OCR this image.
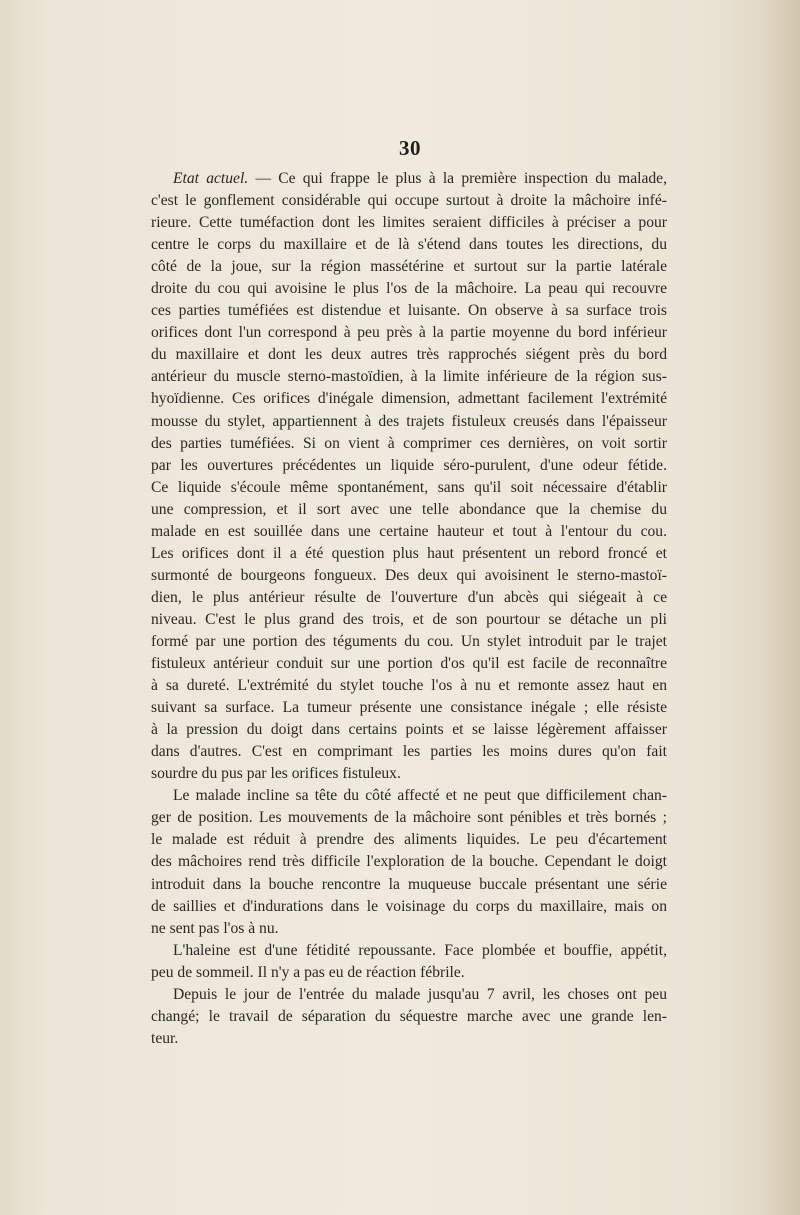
30
Etat actuel. — Ce qui frappe le plus à la première inspection du malade,
c'est le gonflement considérable qui occupe surtout à droite la mâchoire infé-
rieure. Cette tuméfaction dont les limites seraient difficiles à préciser a pour
centre le corps du maxillaire et de là s'étend dans toutes les directions, du
côté de la joue, sur la région massétérine et surtout sur la partie latérale
droite du cou qui avoisine le plus l'os de la mâchoire. La peau qui recouvre
ces parties tuméfiées est distendue et luisante. On observe à sa surface trois
orifices dont l'un correspond à peu près à la partie moyenne du bord inférieur
du maxillaire et dont les deux autres très rapprochés siégent près du bord
antérieur du muscle sterno-mastoïdien, à la limite inférieure de la région sus-
hyoïdienne. Ces orifices d'inégale dimension, admettant facilement l'extrémité
mousse du stylet, appartiennent à des trajets fistuleux creusés dans l'épaisseur
des parties tuméfiées. Si on vient à comprimer ces dernières, on voit sortir
par les ouvertures précédentes un liquide séro-purulent, d'une odeur fétide.
Ce liquide s'écoule même spontanément, sans qu'il soit nécessaire d'établir
une compression, et il sort avec une telle abondance que la chemise du
malade en est souillée dans une certaine hauteur et tout à l'entour du cou.
Les orifices dont il a été question plus haut présentent un rebord froncé et
surmonté de bourgeons fongueux. Des deux qui avoisinent le sterno-mastoï-
dien, le plus antérieur résulte de l'ouverture d'un abcès qui siégeait à ce
niveau. C'est le plus grand des trois, et de son pourtour se détache un pli
formé par une portion des téguments du cou. Un stylet introduit par le trajet
fistuleux antérieur conduit sur une portion d'os qu'il est facile de reconnaître
à sa dureté. L'extrémité du stylet touche l'os à nu et remonte assez haut en
suivant sa surface. La tumeur présente une consistance inégale ; elle résiste
à la pression du doigt dans certains points et se laisse légèrement affaisser
dans d'autres. C'est en comprimant les parties les moins dures qu'on fait
sourdre du pus par les orifices fistuleux.
Le malade incline sa tête du côté affecté et ne peut que difficilement chan-
ger de position. Les mouvements de la mâchoire sont pénibles et très bornés ;
le malade est réduit à prendre des aliments liquides. Le peu d'écartement
des mâchoires rend très difficile l'exploration de la bouche. Cependant le doigt
introduit dans la bouche rencontre la muqueuse buccale présentant une série
de saillies et d'indurations dans le voisinage du corps du maxillaire, mais on
ne sent pas l'os à nu.
L'haleine est d'une fétidité repoussante. Face plombée et bouffie, appétit,
peu de sommeil. Il n'y a pas eu de réaction fébrile.
Depuis le jour de l'entrée du malade jusqu'au 7 avril, les choses ont peu
changé; le travail de séparation du séquestre marche avec une grande len-
teur.
